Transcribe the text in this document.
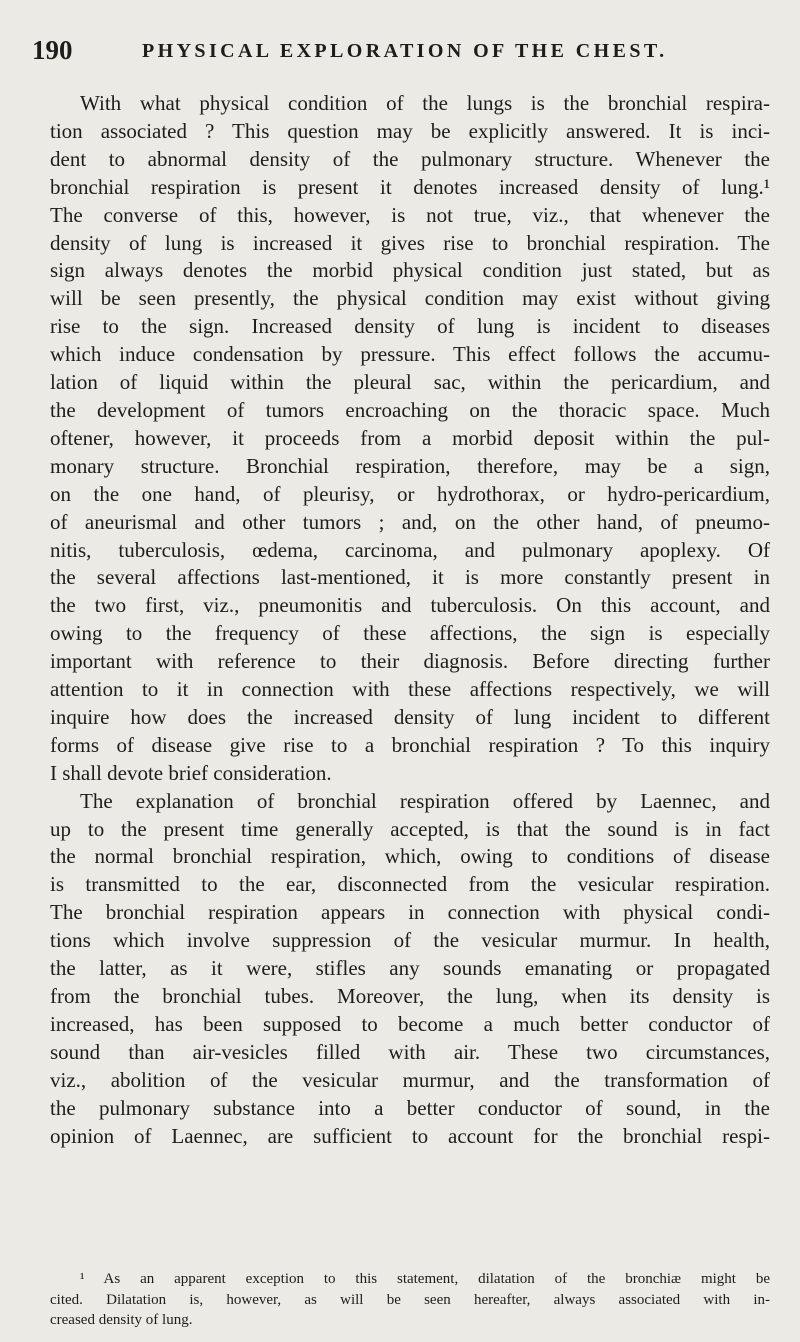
190	PHYSICAL EXPLORATION OF THE CHEST.
With what physical condition of the lungs is the bronchial respira-
tion associated ? This question may be explicitly answered. It is inci-
dent to abnormal density of the pulmonary structure. Whenever the
bronchial respiration is present it denotes increased density of lung.¹
The converse of this, however, is not true, viz., that whenever the
density of lung is increased it gives rise to bronchial respiration. The
sign always denotes the morbid physical condition just stated, but as
will be seen presently, the physical condition may exist without giving
rise to the sign. Increased density of lung is incident to diseases
which induce condensation by pressure. This effect follows the accumu-
lation of liquid within the pleural sac, within the pericardium, and
the development of tumors encroaching on the thoracic space. Much
oftener, however, it proceeds from a morbid deposit within the pul-
monary structure. Bronchial respiration, therefore, may be a sign,
on the one hand, of pleurisy, or hydrothorax, or hydro-pericardium,
of aneurismal and other tumors ; and, on the other hand, of pneumo-
nitis, tuberculosis, œdema, carcinoma, and pulmonary apoplexy. Of
the several affections last-mentioned, it is more constantly present in
the two first, viz., pneumonitis and tuberculosis. On this account, and
owing to the frequency of these affections, the sign is especially
important with reference to their diagnosis. Before directing further
attention to it in connection with these affections respectively, we will
inquire how does the increased density of lung incident to different
forms of disease give rise to a bronchial respiration ? To this inquiry
I shall devote brief consideration.
The explanation of bronchial respiration offered by Laennec, and
up to the present time generally accepted, is that the sound is in fact
the normal bronchial respiration, which, owing to conditions of disease
is transmitted to the ear, disconnected from the vesicular respiration.
The bronchial respiration appears in connection with physical condi-
tions which involve suppression of the vesicular murmur. In health,
the latter, as it were, stifles any sounds emanating or propagated
from the bronchial tubes. Moreover, the lung, when its density is
increased, has been supposed to become a much better conductor of
sound than air-vesicles filled with air. These two circumstances,
viz., abolition of the vesicular murmur, and the transformation of
the pulmonary substance into a better conductor of sound, in the
opinion of Laennec, are sufficient to account for the bronchial respi-
¹ As an apparent exception to this statement, dilatation of the bronchiæ might be
cited. Dilatation is, however, as will be seen hereafter, always associated with in-
creased density of lung.
